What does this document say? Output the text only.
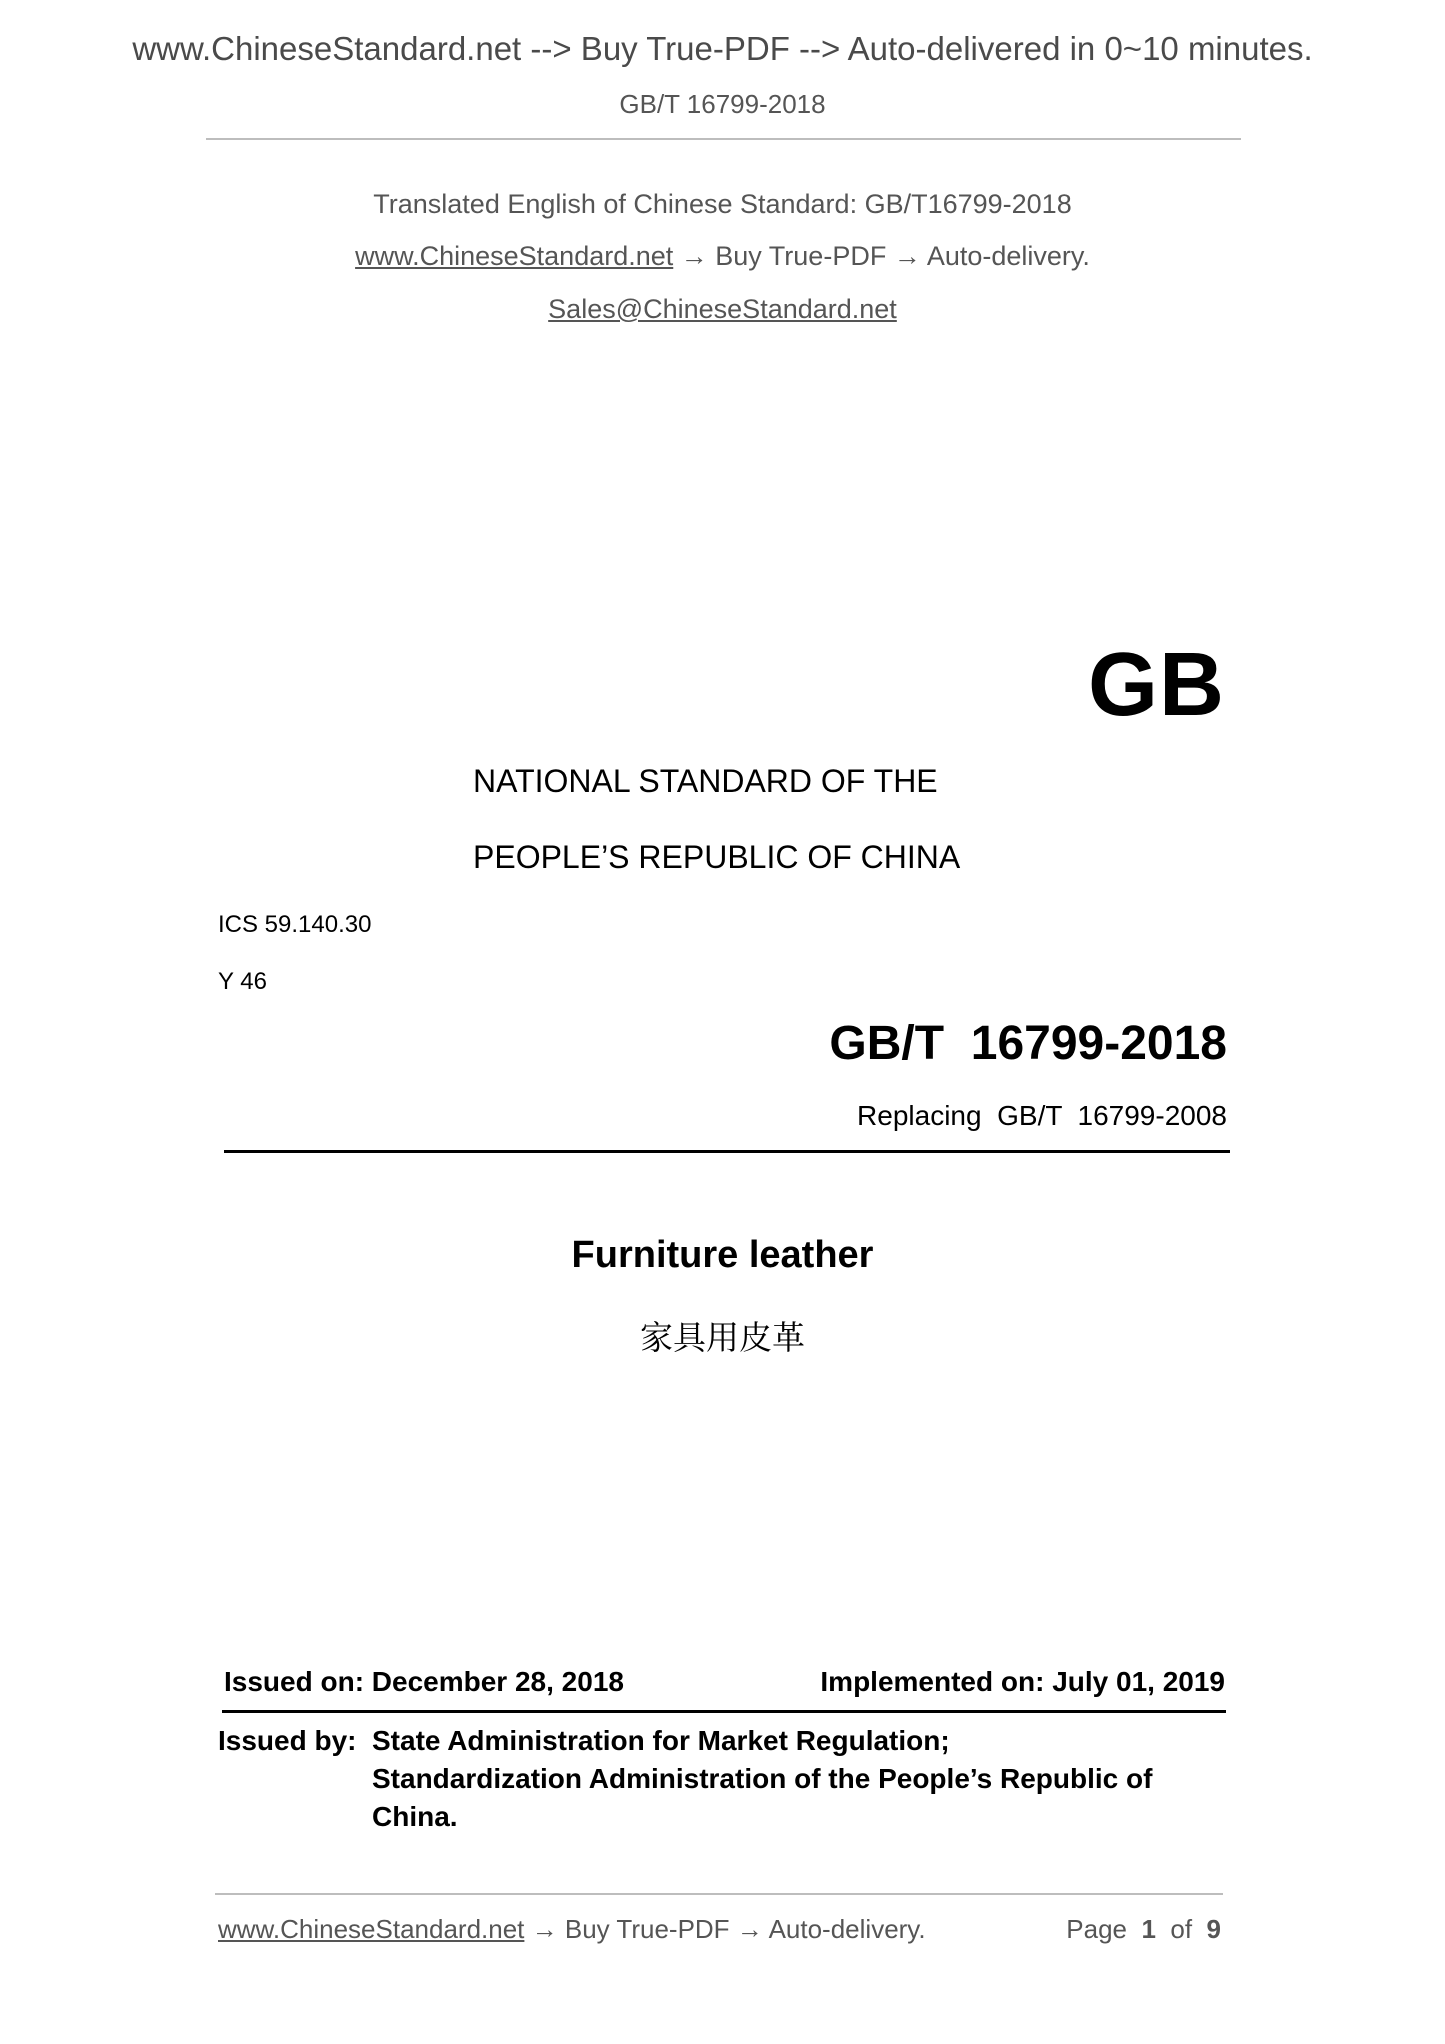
www.ChineseStandard.net --> Buy True-PDF --> Auto-delivered in 0~10 minutes.
GB/T 16799-2018
Translated English of Chinese Standard: GB/T16799-2018
www.ChineseStandard.net → Buy True-PDF → Auto-delivery.
Sales@ChineseStandard.net
GB
NATIONAL STANDARD OF THE
PEOPLE’S REPUBLIC OF CHINA
ICS 59.140.30
Y 46
GB/T  16799-2018
Replacing  GB/T  16799-2008
Furniture leather
家具用皮革
Issued on: December 28, 2018	Implemented on: July 01, 2019
Issued by: State Administration for Market Regulation;
Standardization Administration of the People’s Republic of
China.
www.ChineseStandard.net → Buy True-PDF → Auto-delivery.	Page 1 of 9
